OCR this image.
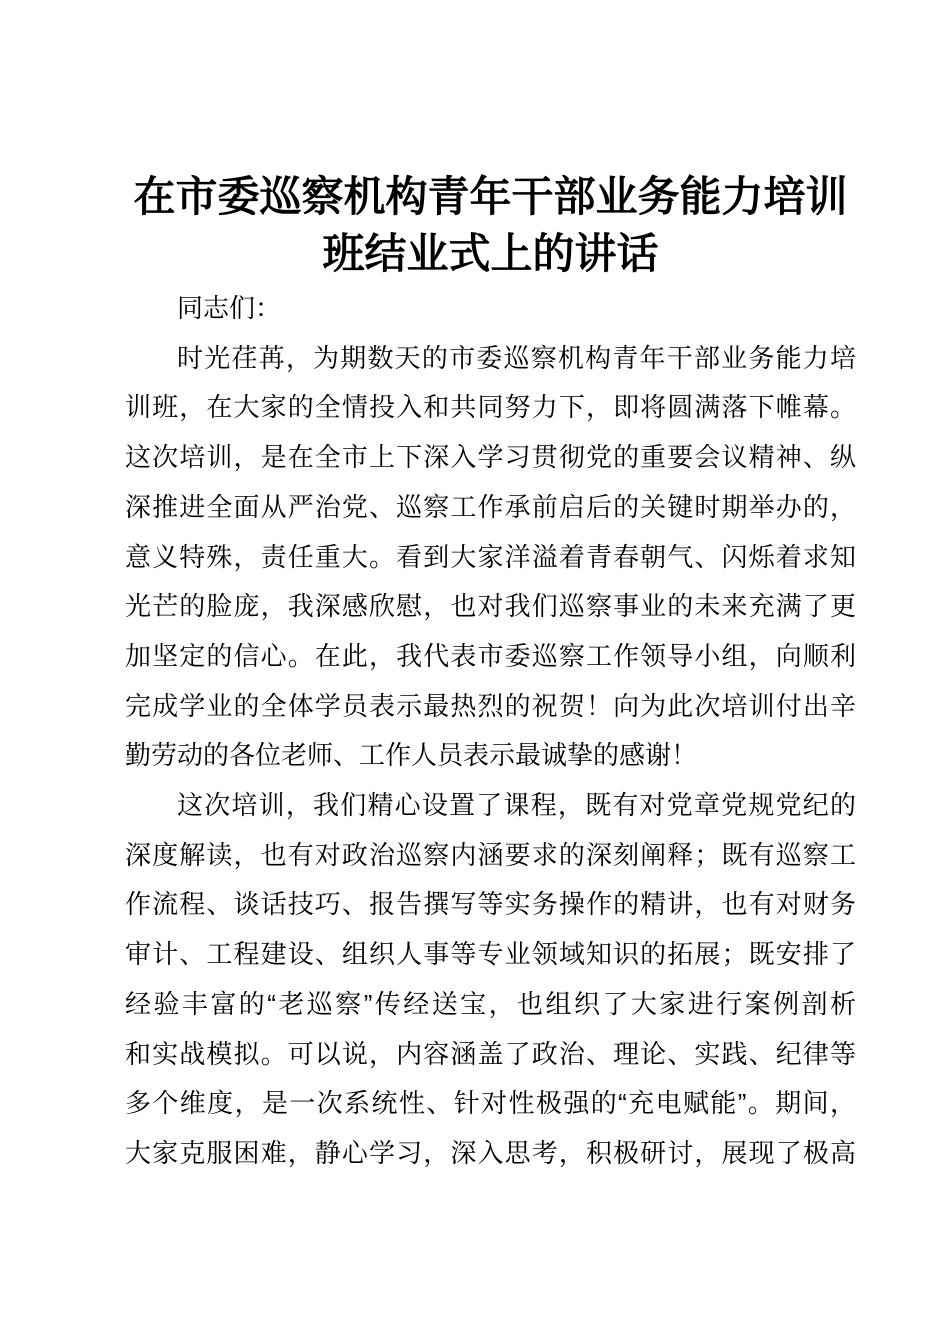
在市委巡察机构青年干部业务能力培训
班结业式上的讲话
同志们：
时光荏苒，为期数天的市委巡察机构青年干部业务能力培
训班，在大家的全情投入和共同努力下，即将圆满落下帷幕。
这次培训，是在全市上下深入学习贯彻党的重要会议精神、纵
深推进全面从严治党、巡察工作承前启后的关键时期举办的，
意义特殊，责任重大。看到大家洋溢着青春朝气、闪烁着求知
光芒的脸庞，我深感欣慰，也对我们巡察事业的未来充满了更
加坚定的信心。在此，我代表市委巡察工作领导小组，向顺利
完成学业的全体学员表示最热烈的祝贺！向为此次培训付出辛
勤劳动的各位老师、工作人员表示最诚挚的感谢！
这次培训，我们精心设置了课程，既有对党章党规党纪的
深度解读，也有对政治巡察内涵要求的深刻阐释；既有巡察工
作流程、谈话技巧、报告撰写等实务操作的精讲，也有对财务
审计、工程建设、组织人事等专业领域知识的拓展；既安排了
经验丰富的“老巡察”传经送宝，也组织了大家进行案例剖析
和实战模拟。可以说，内容涵盖了政治、理论、实践、纪律等
多个维度，是一次系统性、针对性极强的“充电赋能”。期间，
大家克服困难，静心学习，深入思考，积极研讨，展现了极高
